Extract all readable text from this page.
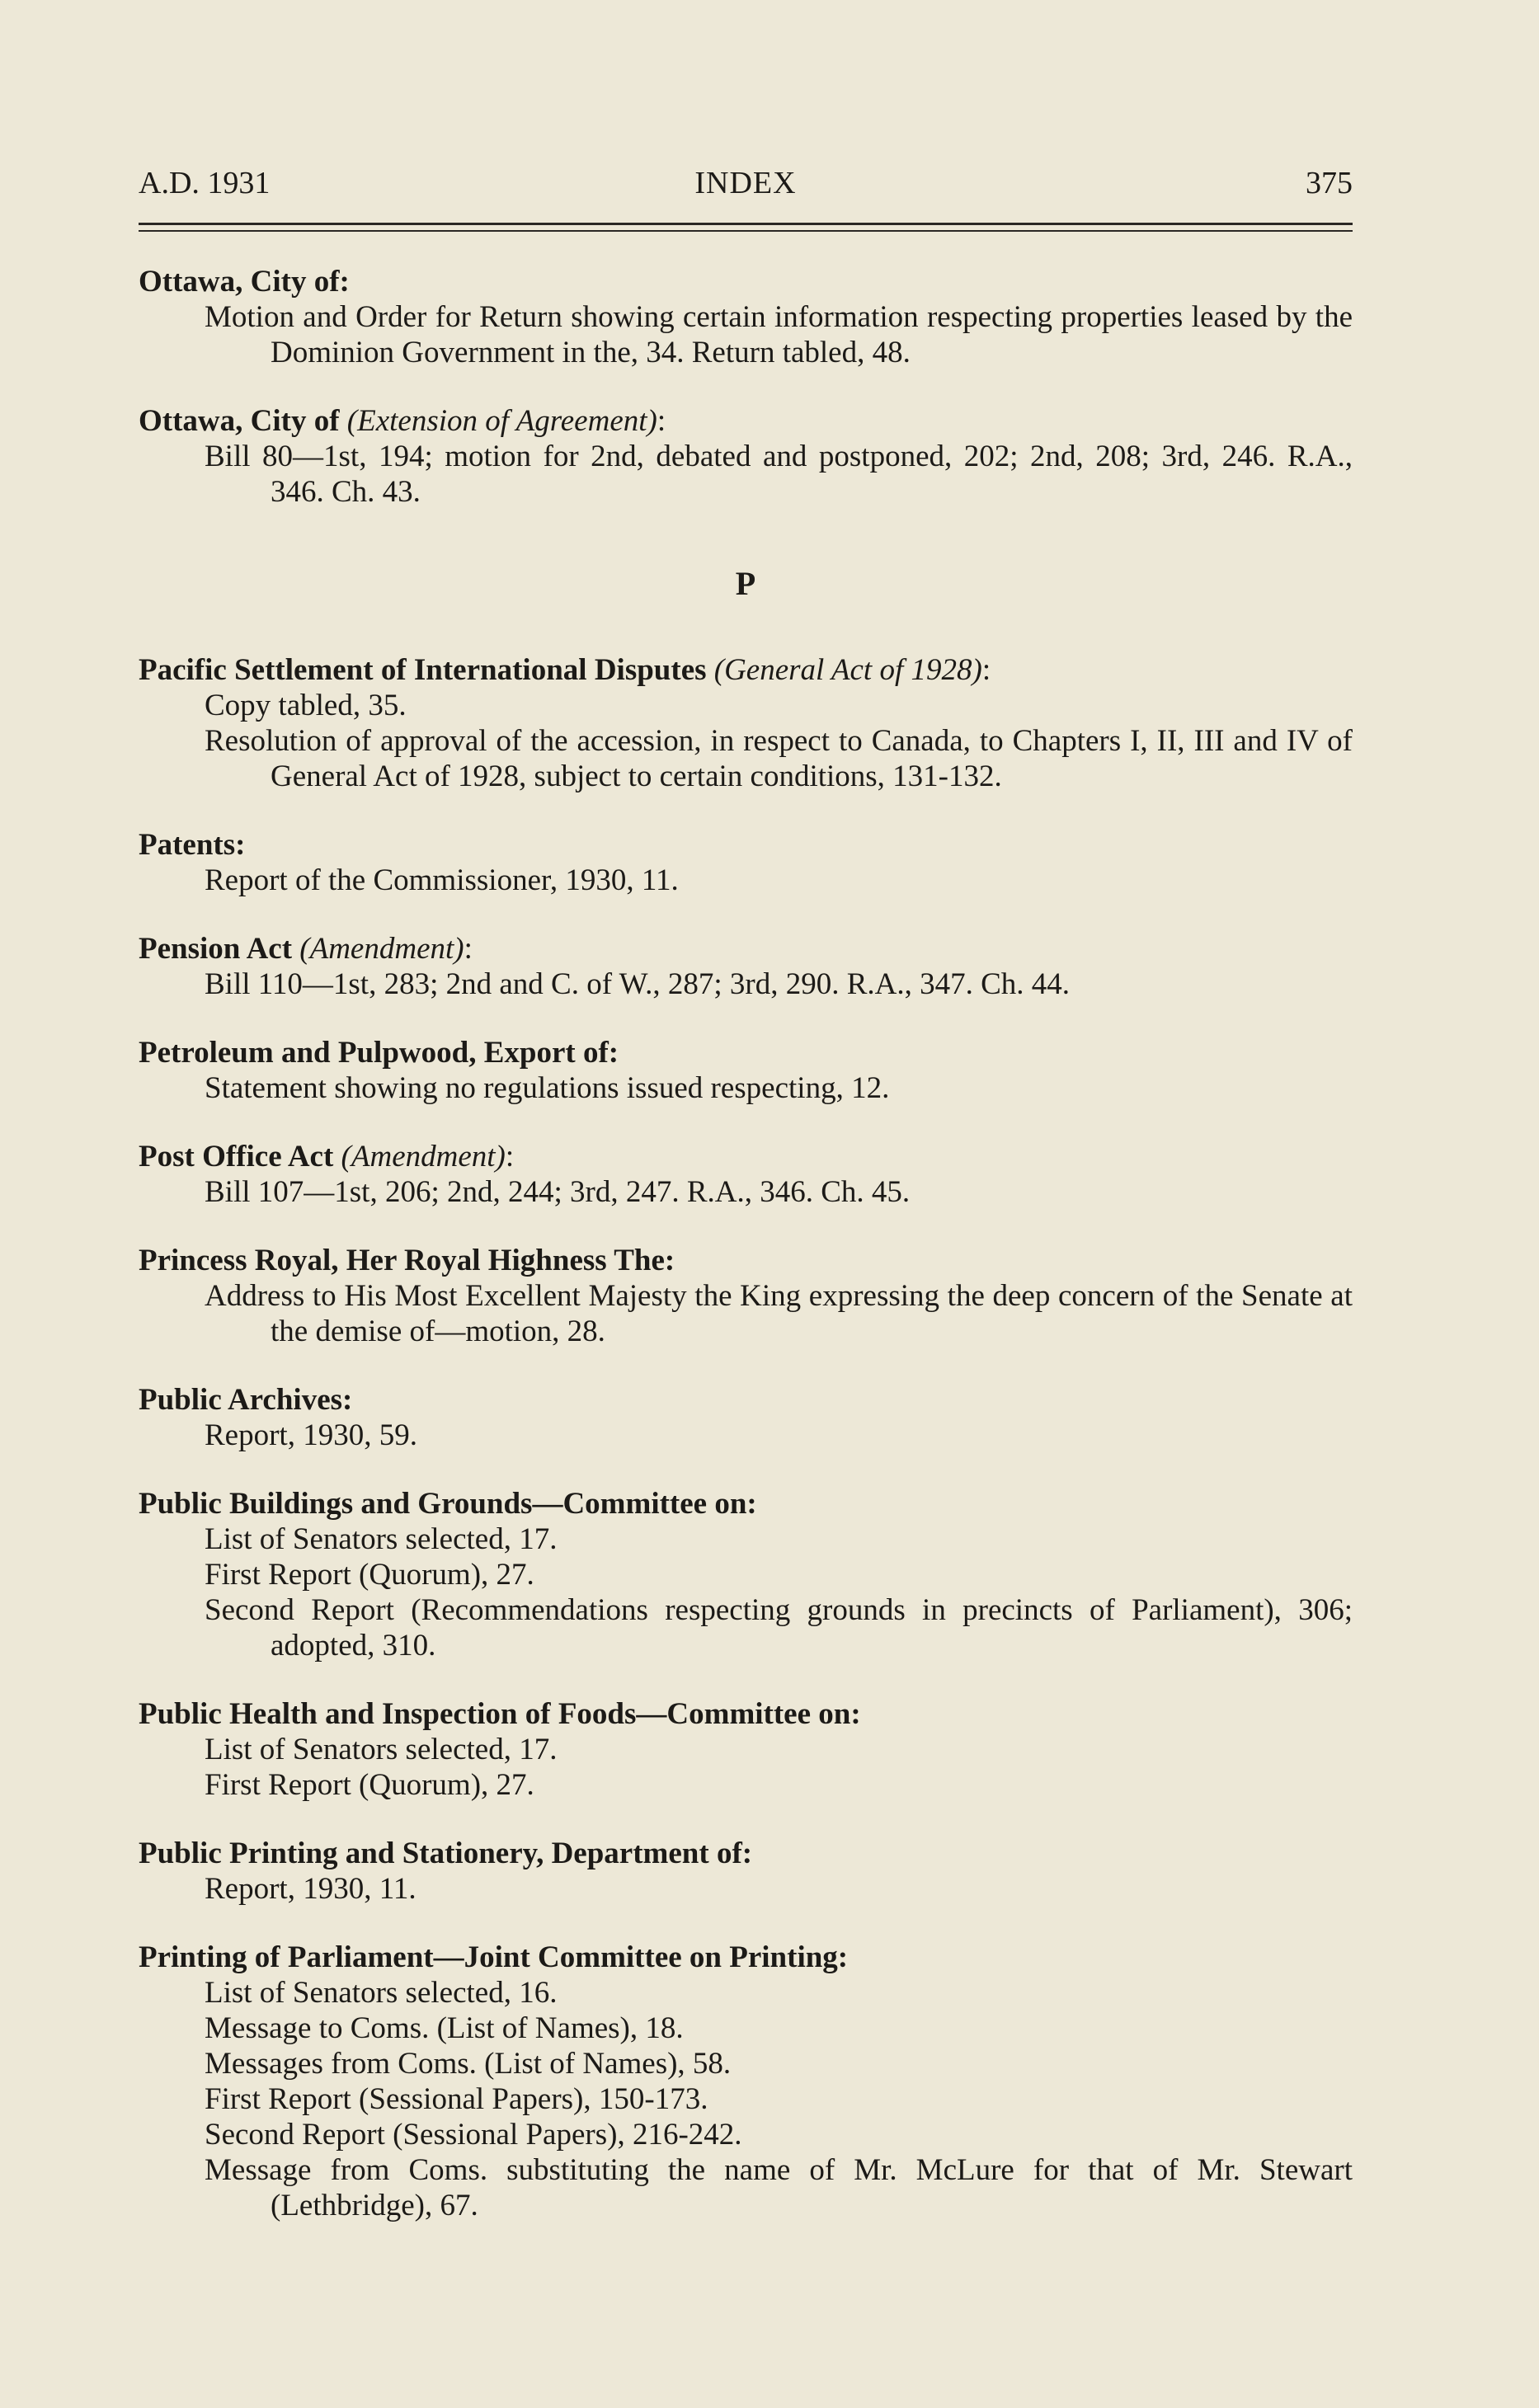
A.D. 1931	INDEX	375
Ottawa, City of:
Motion and Order for Return showing certain information respecting properties leased by the Dominion Government in the, 34. Return tabled, 48.
Ottawa, City of (Extension of Agreement):
Bill 80—1st, 194; motion for 2nd, debated and postponed, 202; 2nd, 208; 3rd, 246. R.A., 346. Ch. 43.
P
Pacific Settlement of International Disputes (General Act of 1928):
Copy tabled, 35.
Resolution of approval of the accession, in respect to Canada, to Chapters I, II, III and IV of General Act of 1928, subject to certain conditions, 131-132.
Patents:
Report of the Commissioner, 1930, 11.
Pension Act (Amendment):
Bill 110—1st, 283; 2nd and C. of W., 287; 3rd, 290. R.A., 347. Ch. 44.
Petroleum and Pulpwood, Export of:
Statement showing no regulations issued respecting, 12.
Post Office Act (Amendment):
Bill 107—1st, 206; 2nd, 244; 3rd, 247. R.A., 346. Ch. 45.
Princess Royal, Her Royal Highness The:
Address to His Most Excellent Majesty the King expressing the deep concern of the Senate at the demise of—motion, 28.
Public Archives:
Report, 1930, 59.
Public Buildings and Grounds—Committee on:
List of Senators selected, 17.
First Report (Quorum), 27.
Second Report (Recommendations respecting grounds in precincts of Parliament), 306; adopted, 310.
Public Health and Inspection of Foods—Committee on:
List of Senators selected, 17.
First Report (Quorum), 27.
Public Printing and Stationery, Department of:
Report, 1930, 11.
Printing of Parliament—Joint Committee on Printing:
List of Senators selected, 16.
Message to Coms. (List of Names), 18.
Messages from Coms. (List of Names), 58.
First Report (Sessional Papers), 150-173.
Second Report (Sessional Papers), 216-242.
Message from Coms. substituting the name of Mr. McLure for that of Mr. Stewart (Lethbridge), 67.
